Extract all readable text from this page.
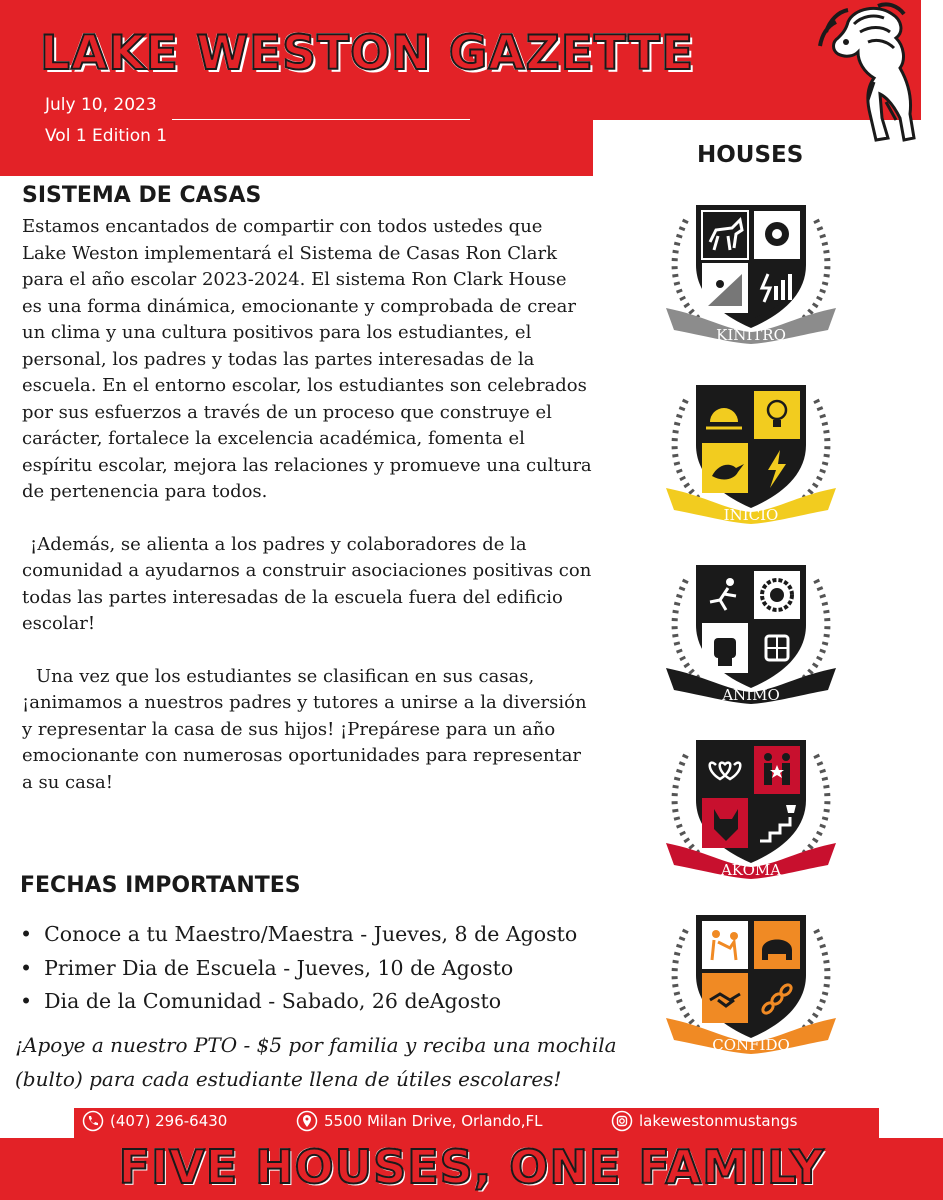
LAKE WESTON GAZETTE
July 10, 2023
Vol 1 Edition 1
HOUSES
SISTEMA DE CASAS

Estamos encantados de compartir con todos ustedes que Lake Weston implementará el Sistema de Casas Ron Clark para el año escolar 2023-2024. El sistema Ron Clark House es una forma dinámica, emocionante y comprobada de crear un clima y una cultura positivos para los estudiantes, el personal, los padres y todas las partes interesadas de la escuela. En el entorno escolar, los estudiantes son celebrados por sus esfuerzos a través de un proceso que construye el carácter, fortalece la excelencia académica, fomenta el espíritu escolar, mejora las relaciones y promueve una cultura de pertenencia para todos.

¡Además, se alienta a los padres y colaboradores de la comunidad a ayudarnos a construir asociaciones positivas con todas las partes interesadas de la escuela fuera del edificio escolar!

Una vez que los estudiantes se clasifican en sus casas, ¡animamos a nuestros padres y tutores a unirse a la diversión y representar la casa de sus hijos! ¡Prepárese para un año emocionante con numerosas oportunidades para representar a su casa!

FECHAS IMPORTANTES
• Conoce a tu Maestro/Maestra - Jueves, 8 de Agosto
• Primer Dia de Escuela - Jueves, 10 de Agosto
• Dia de la Comunidad - Sabado, 26 deAgosto
¡Apoye a nuestro PTO - $5 por familia y reciba una mochila (bulto) para cada estudiante llena de útiles escolares!
KINITRO
INICIO
ANIMO
AKOMA
CONFIDO
(407) 296-6430	5500 Milan Drive, Orlando,FL	lakewestonmustangs
FIVE HOUSES, ONE FAMILY
